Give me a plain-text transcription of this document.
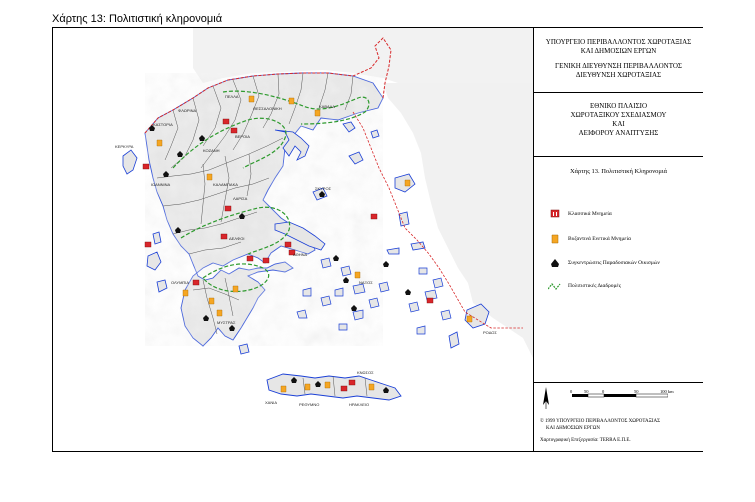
Χάρτης 13: Πολιτιστική κληρονομιά
ΚΑΣΤΟΡΙΑ
ΦΛΩΡΙΝΑ
ΠΕΛΛΑ
ΒΕΡΟΙΑ
ΘΕΣΣΑΛΟΝΙΚΗ	ΚΑΒΑΛΑ
ΚΟΖΑΝΗ
ΚΑΛΑΜΠΑΚΑ
ΙΩΑΝΝΙΝΑ
ΛΑΡΙΣΑ
ΣΚΥΡΟΣ
ΔΕΛΦΟΙ
ΑΘΗΝΑ
ΚΕΡΚΥΡΑ
ΟΛΥΜΠΙΑ
ΜΥΣΤΡΑΣ
ΝΑΞΟΣ
ΡΟΔΟΣ
ΧΑΝΙΑ	ΡΕΘΥΜΝΟ	ΗΡΑΚΛΕΙΟ
ΚΝΩΣΟΣ
ΥΠΟΥΡΓΕΙΟ ΠΕΡΙΒΑΛΛΟΝΤΟΣ ΧΩΡΟΤΑΞΙΑΣ
ΚΑΙ ΔΗΜΟΣΙΩΝ ΕΡΓΩΝ
ΓΕΝΙΚΗ ΔΙΕΥΘΥΝΣΗ ΠΕΡΙΒΑΛΛΟΝΤΟΣ
ΔΙΕΥΘΥΝΣΗ ΧΩΡΟΤΑΞΙΑΣ
ΕΘΝΙΚΟ ΠΛΑΙΣΙΟ
ΧΩΡΟΤΑΞΙΚΟΥ ΣΧΕΔΙΑΣΜΟΥ
ΚΑΙ
ΑΕΙΦΟΡΟΥ ΑΝΑΠΤΥΞΗΣ
Χάρτης 13. Πολιτιστική Κληρονομιά
Κλασσικά Μνημεία
Βυζαντινά Ενετικά Μνημεία
Συγκεντρώσεις Παραδοσιακών Οικισμών
Πολιτιστικές Διαδρομές
0	50	0	50	100 km
© 1999 ΥΠΟΥΡΓΕΙΟ ΠΕΡΙΒΑΛΛΟΝΤΟΣ ΧΩΡΟΤΑΞΙΑΣ
ΚΑΙ ΔΗΜΟΣΙΩΝ ΕΡΓΩΝ
Χαρτογραφική Επεξεργασία: TERRA Ε.Π.Ε.
